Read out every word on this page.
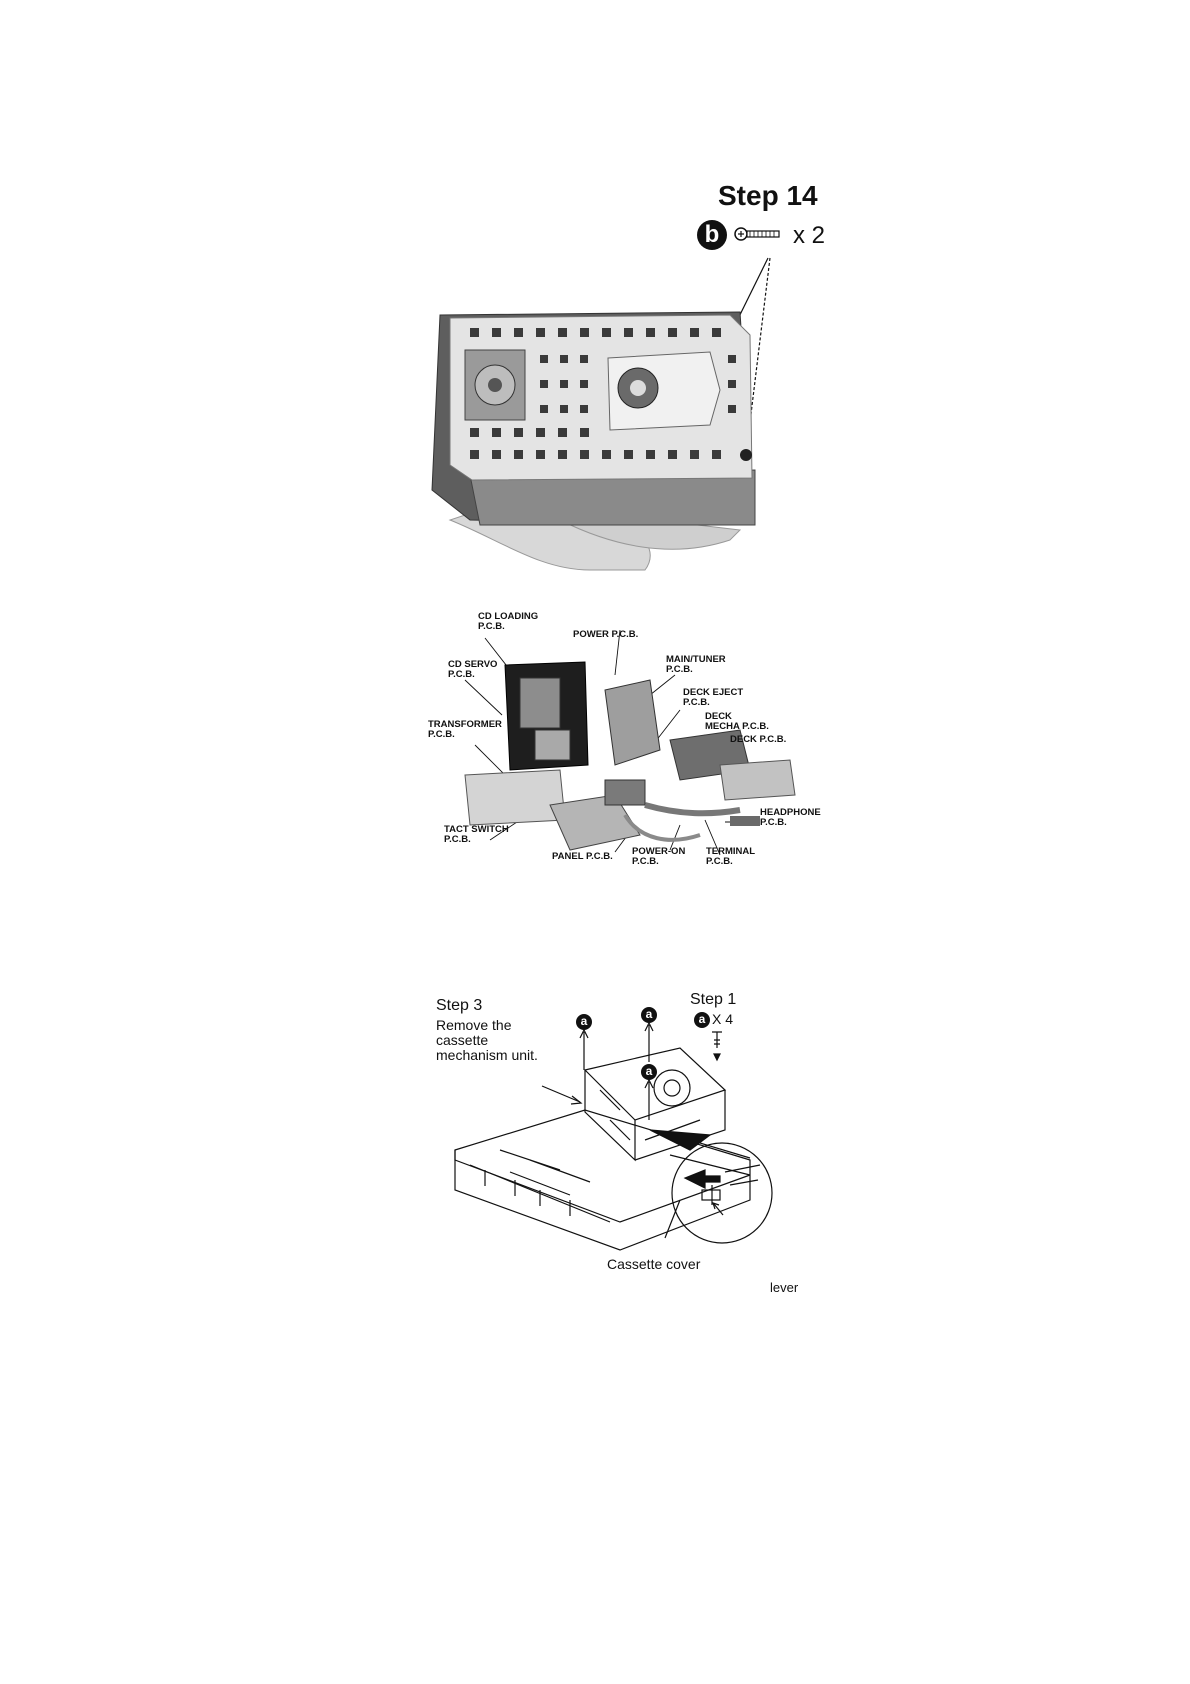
Step 14
b	x 2
CD LOADING
P.C.B.
POWER P.C.B.
CD SERVO
P.C.B.
MAIN/TUNER
P.C.B.
DECK EJECT
P.C.B.
DECK
MECHA P.C.B.
DECK P.C.B.
TRANSFORMER
P.C.B.
HEADPHONE
P.C.B.
TACT SWITCH
P.C.B.
PANEL P.C.B. POWER-ON
P.C.B.
TERMINAL
P.C.B.
Step 3
Remove the
cassette
mechanism unit.
Step 1
a X 4
a	a
a
Cassette cover
lever
